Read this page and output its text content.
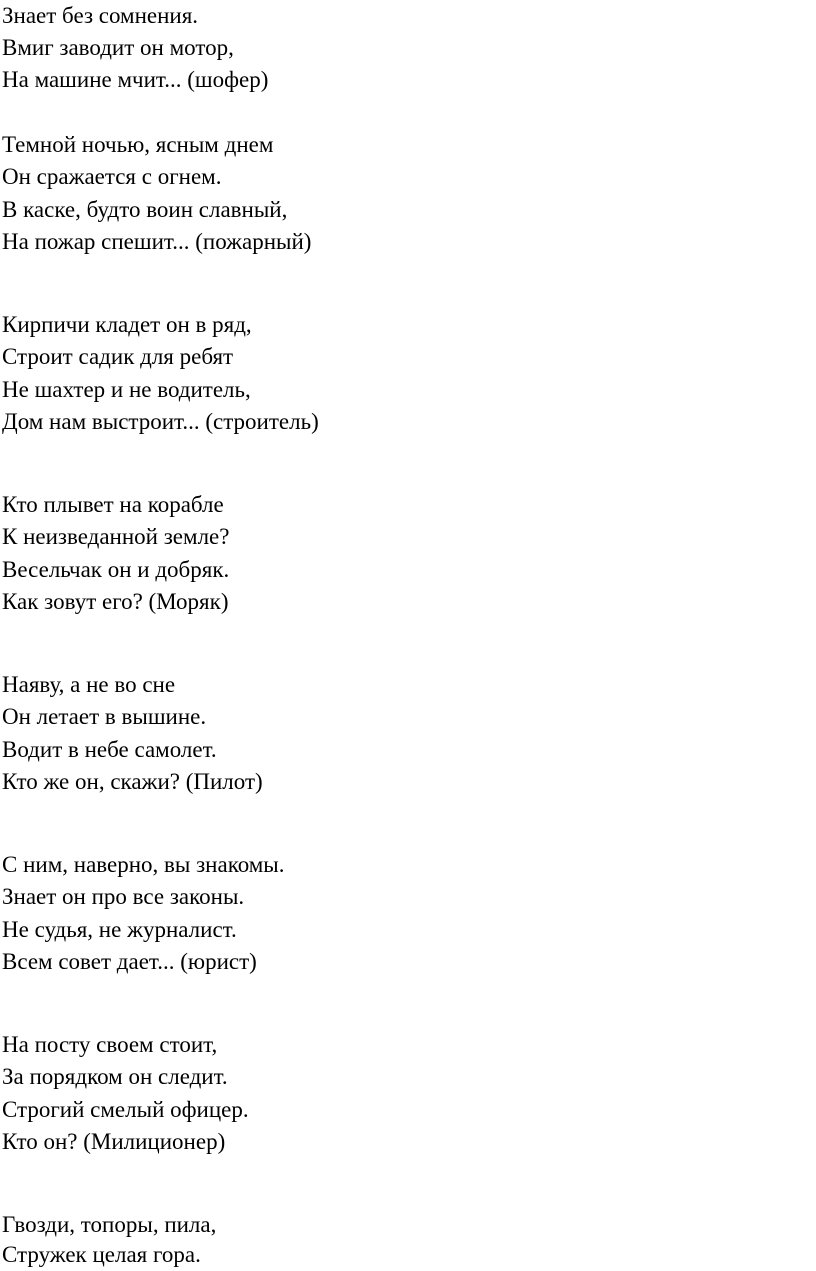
Знает без сомнения.
Вмиг заводит он мотор,
На машине мчит... (шофер)
Темной ночью, ясным днем
Он сражается с огнем.
В каске, будто воин славный,
На пожар спешит... (пожарный)
Кирпичи кладет он в ряд,
Строит садик для ребят
Не шахтер и не водитель,
Дом нам выстроит... (строитель)
Кто плывет на корабле
К неизведанной земле?
Весельчак он и добряк.
Как зовут его? (Моряк)
Наяву, а не во сне
Он летает в вышине.
Водит в небе самолет.
Кто же он, скажи? (Пилот)
С ним, наверно, вы знакомы.
Знает он про все законы.
Не судья, не журналист.
Всем совет дает... (юрист)
На посту своем стоит,
За порядком он следит.
Строгий смелый офицер.
Кто он? (Милиционер)
Гвозди, топоры, пила,
Стружек целая гора.
